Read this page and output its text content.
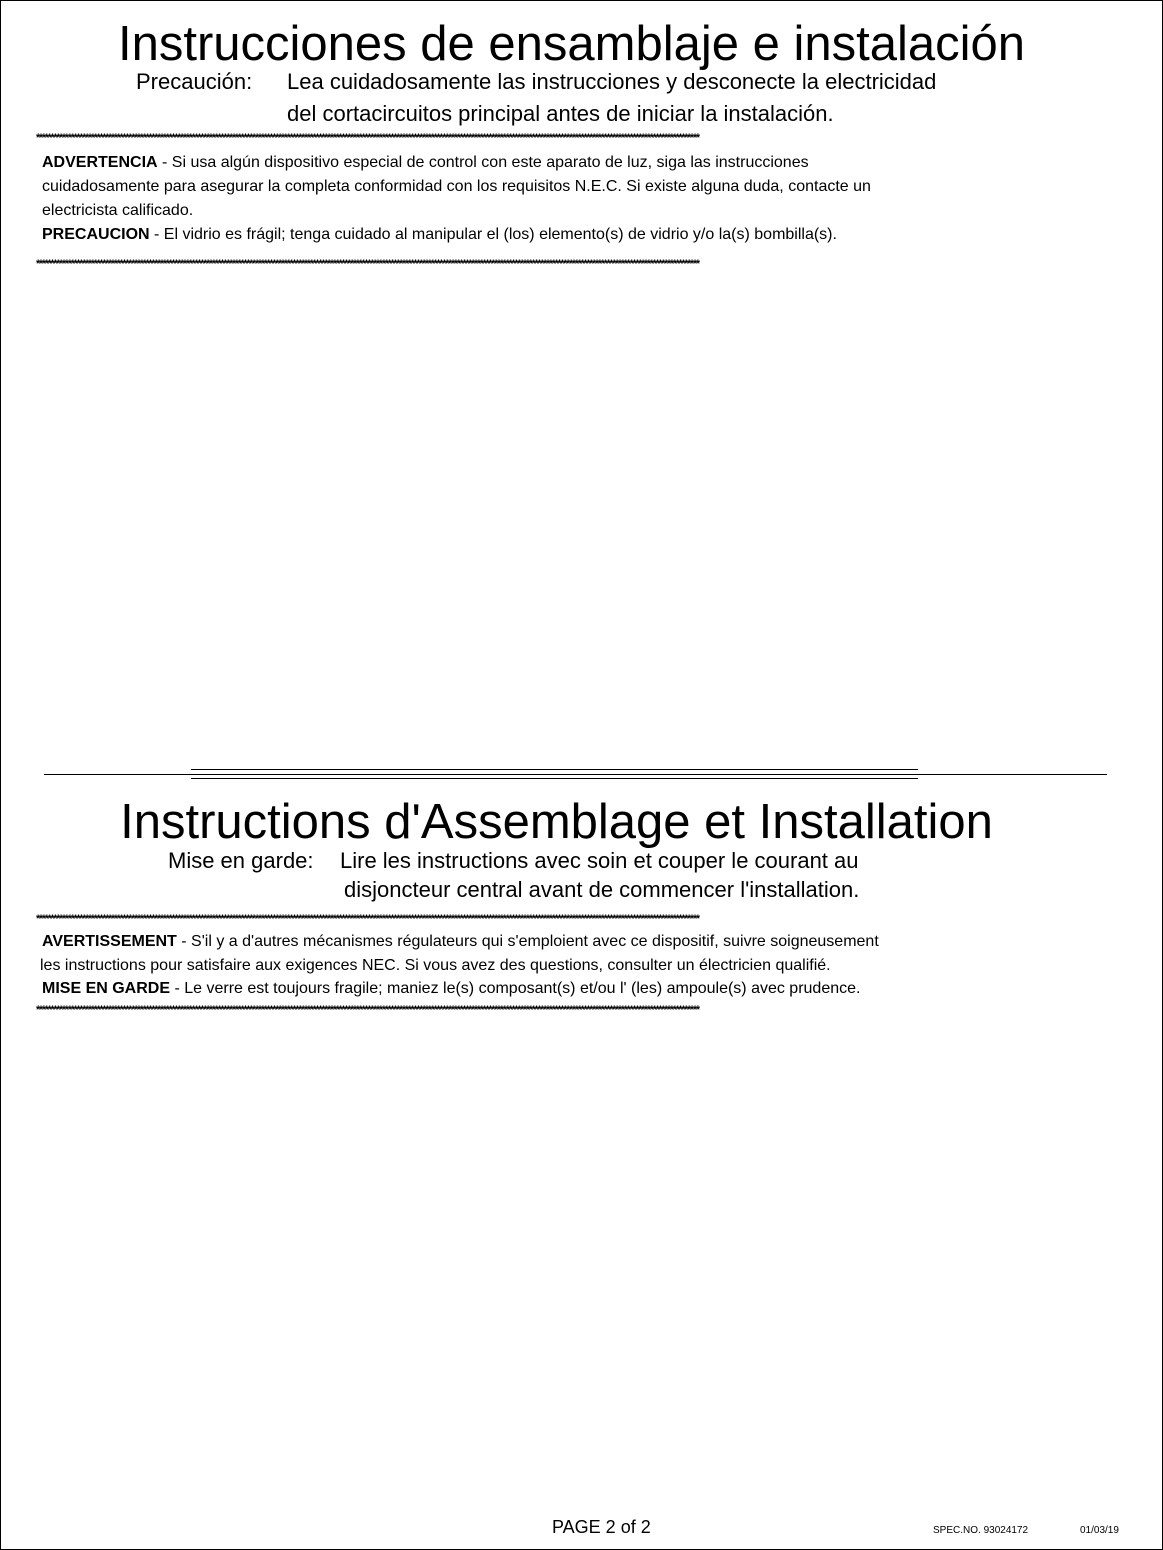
Instrucciones de ensamblaje e instalación
Precaución: Lea cuidadosamente las instrucciones y desconecte la electricidad
del cortacircuitos principal antes de iniciar la instalación.
**************************************************************************************************************************************************************************************************************************************
ADVERTENCIA - Si usa algún dispositivo especial de control con este aparato de luz, siga las instrucciones
cuidadosamente para asegurar la completa conformidad con los requisitos N.E.C. Si existe alguna duda, contacte un
electricista calificado.
PRECAUCION - El vidrio es frágil; tenga cuidado al manipular el (los) elemento(s) de vidrio y/o la(s) bombilla(s).
**************************************************************************************************************************************************************************************************************************************
Instructions d'Assemblage et Installation
Mise en garde: Lire les instructions avec soin et couper le courant au
disjoncteur central avant de commencer l'installation.
**************************************************************************************************************************************************************************************************************************************
AVERTISSEMENT - S'il y a d'autres mécanismes régulateurs qui s'emploient avec ce dispositif, suivre soigneusement
les instructions pour satisfaire aux exigences NEC. Si vous avez des questions, consulter un électricien qualifié.
MISE EN GARDE - Le verre est toujours fragile; maniez le(s) composant(s) et/ou l' (les) ampoule(s) avec prudence.
**************************************************************************************************************************************************************************************************************************************
PAGE 2 of 2	SPEC.NO. 93024172	01/03/19
